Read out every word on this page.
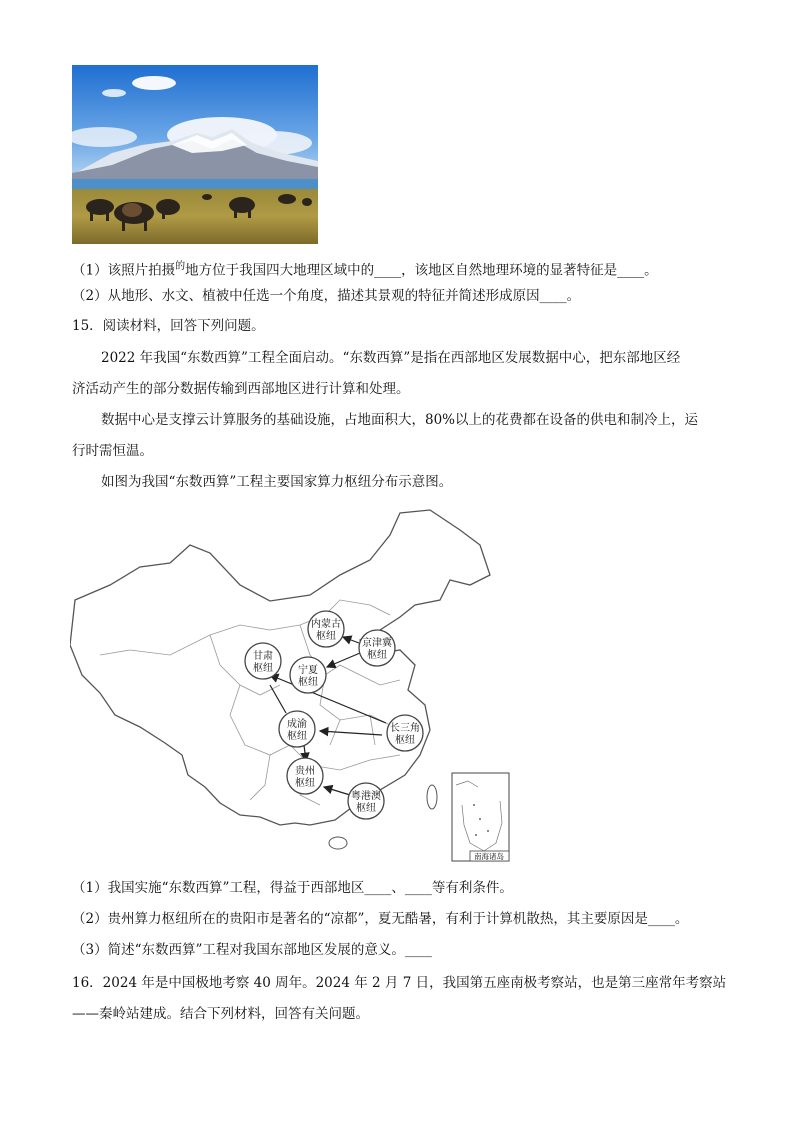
（1）该照片拍摄$^的$地方位于我国四大地理区域中的____，该地区自然地理环境的显著特征是____。
（2）从地形、水文、植被中任选一个角度，描述其景观的特征并简述形成原因____。
15．阅读材料，回答下列问题。
2022 年我国“东数西算”工程全面启动。“东数西算”是指在西部地区发展数据中心，把东部地区经
济活动产生的部分数据传输到西部地区进行计算和处理。
数据中心是支撑云计算服务的基础设施，占地面积大，80%以上的花费都在设备的供电和制冷上，运
行时需恒温。
如图为我国“东数西算”工程主要国家算力枢纽分布示意图。
内蒙古
枢纽
京津冀
枢纽
甘肃
枢纽	宁夏
枢纽
成渝
枢纽
长三角
枢纽
贵州
枢纽
粤港澳
枢纽
南海诸岛
（1）我国实施“东数西算”工程，得益于西部地区____、____等有利条件。
（2）贵州算力枢纽所在的贵阳市是著名的“凉都”，夏无酷暑，有利于计算机散热，其主要原因是____。
（3）简述“东数西算”工程对我国东部地区发展的意义。____
16．2024 年是中国极地考察 40 周年。2024 年 2 月 7 日，我国第五座南极考察站，也是第三座常年考察站
——秦岭站建成。结合下列材料，回答有关问题。
